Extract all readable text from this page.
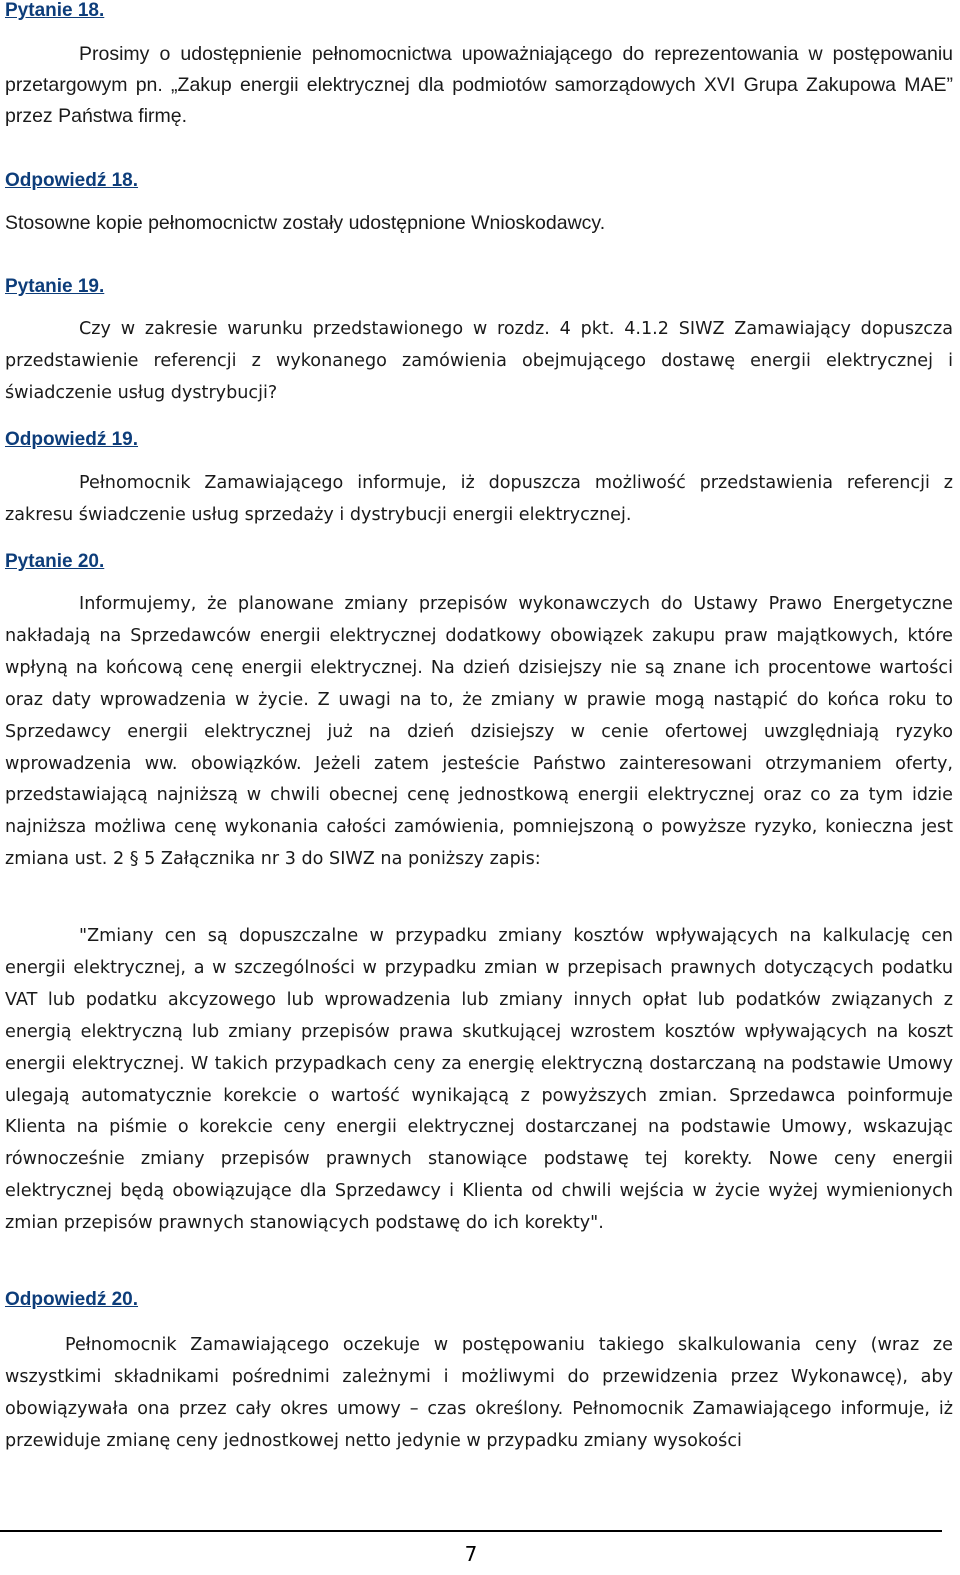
Pytanie 18.

Prosimy o udostępnienie pełnomocnictwa upoważniającego do reprezentowania w postępowaniu przetargowym pn. „Zakup energii elektrycznej dla podmiotów samorządowych XVI Grupa Zakupowa MAE” przez Państwa firmę.

Odpowiedź 18.

Stosowne kopie pełnomocnictw zostały udostępnione Wnioskodawcy.

Pytanie 19.

Czy w zakresie warunku przedstawionego w rozdz. 4 pkt. 4.1.2 SIWZ Zamawiający dopuszcza przedstawienie referencji z wykonanego zamówienia obejmującego dostawę energii elektrycznej i świadczenie usług dystrybucji?

Odpowiedź 19.

Pełnomocnik Zamawiającego informuje, iż dopuszcza możliwość przedstawienia referencji z zakresu świadczenie usług sprzedaży i dystrybucji energii elektrycznej.

Pytanie 20.

Informujemy, że planowane zmiany przepisów wykonawczych do Ustawy Prawo Energetyczne nakładają na Sprzedawców energii elektrycznej dodatkowy obowiązek zakupu praw majątkowych, które wpłyną na końcową cenę energii elektrycznej. Na dzień dzisiejszy nie są znane ich procentowe wartości oraz daty wprowadzenia w życie. Z uwagi na to, że zmiany w prawie mogą nastąpić do końca roku to Sprzedawcy energii elektrycznej już na dzień dzisiejszy w cenie ofertowej uwzględniają ryzyko wprowadzenia ww. obowiązków. Jeżeli zatem jesteście Państwo zainteresowani otrzymaniem oferty, przedstawiającą najniższą w chwili obecnej cenę jednostkową energii elektrycznej oraz co za tym idzie najniższa możliwa cenę wykonania całości zamówienia, pomniejszoną o powyższe ryzyko, konieczna jest zmiana ust. 2 § 5 Załącznika nr 3 do SIWZ na poniższy zapis:

"Zmiany cen są dopuszczalne w przypadku zmiany kosztów wpływających na kalkulację cen energii elektrycznej, a w szczególności w przypadku zmian w przepisach prawnych dotyczących podatku VAT lub podatku akcyzowego lub wprowadzenia lub zmiany innych opłat lub podatków związanych z energią elektryczną lub zmiany przepisów prawa skutkującej wzrostem kosztów wpływających na koszt energii elektrycznej. W takich przypadkach ceny za energię elektryczną dostarczaną na podstawie Umowy ulegają automatycznie korekcie o wartość wynikającą z powyższych zmian. Sprzedawca poinformuje Klienta na piśmie o korekcie ceny energii elektrycznej dostarczanej na podstawie Umowy, wskazując równocześnie zmiany przepisów prawnych stanowiące podstawę tej korekty. Nowe ceny energii elektrycznej będą obowiązujące dla Sprzedawcy i Klienta od chwili wejścia w życie wyżej wymienionych zmian przepisów prawnych stanowiących podstawę do ich korekty".

Odpowiedź 20.

Pełnomocnik Zamawiającego oczekuje w postępowaniu takiego skalkulowania ceny (wraz ze wszystkimi składnikami pośrednimi zależnymi i możliwymi do przewidzenia przez Wykonawcę), aby obowiązywała ona przez cały okres umowy – czas określony. Pełnomocnik Zamawiającego informuje, iż przewiduje zmianę ceny jednostkowej netto jedynie w przypadku zmiany wysokości

7
